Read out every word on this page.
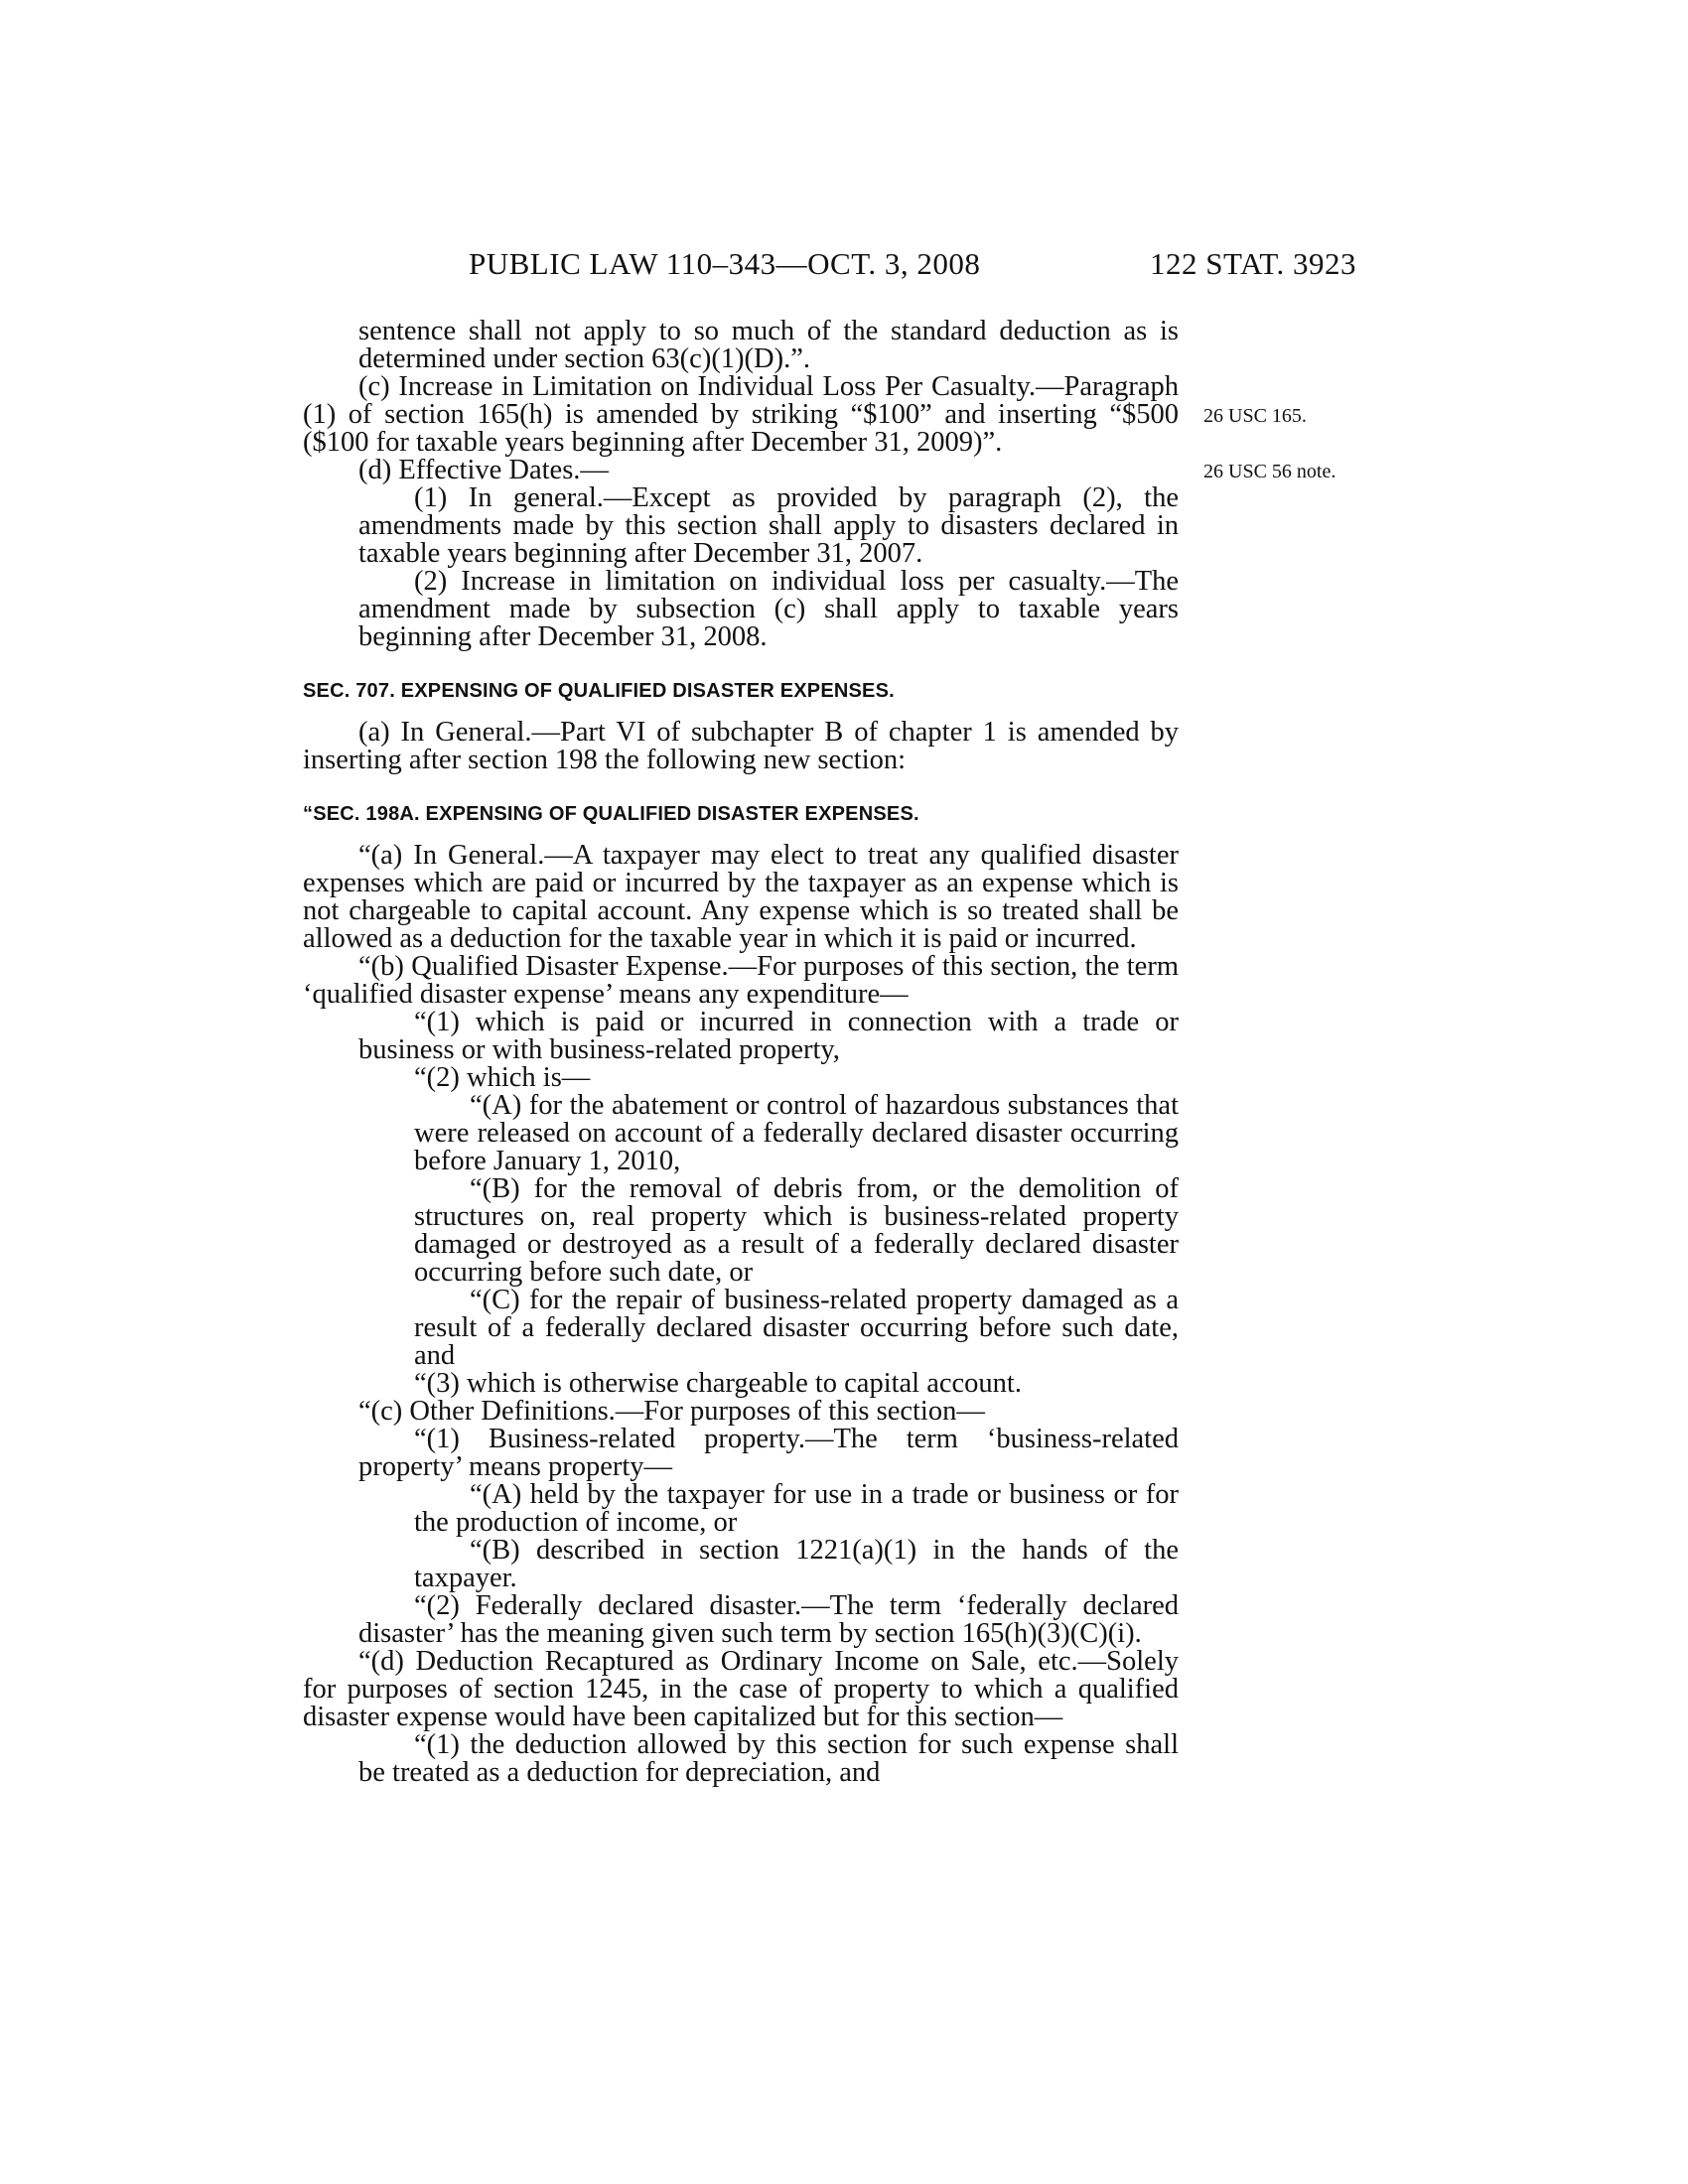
PUBLIC LAW 110–343—OCT. 3, 2008	122 STAT. 3923
26 USC 165.
26 USC 56 note.

sentence shall not apply to so much of the standard deduction as is determined under section 63(c)(1)(D).”.

(c) Increase in Limitation on Individual Loss Per Casualty.—Paragraph (1) of section 165(h) is amended by striking “$100” and inserting “$500 ($100 for taxable years beginning after December 31, 2009)”.

(d) Effective Dates.—

(1) In general.—Except as provided by paragraph (2), the amendments made by this section shall apply to disasters declared in taxable years beginning after December 31, 2007.

(2) Increase in limitation on individual loss per casualty.—The amendment made by subsection (c) shall apply to taxable years beginning after December 31, 2008.

SEC. 707. EXPENSING OF QUALIFIED DISASTER EXPENSES.

(a) In General.—Part VI of subchapter B of chapter 1 is amended by inserting after section 198 the following new section:

“SEC. 198A. EXPENSING OF QUALIFIED DISASTER EXPENSES.

“(a) In General.—A taxpayer may elect to treat any qualified disaster expenses which are paid or incurred by the taxpayer as an expense which is not chargeable to capital account. Any expense which is so treated shall be allowed as a deduction for the taxable year in which it is paid or incurred.

“(b) Qualified Disaster Expense.—For purposes of this section, the term ‘qualified disaster expense’ means any expenditure—

“(1) which is paid or incurred in connection with a trade or business or with business-related property,

“(2) which is—

“(A) for the abatement or control of hazardous substances that were released on account of a federally declared disaster occurring before January 1, 2010,

“(B) for the removal of debris from, or the demolition of structures on, real property which is business-related property damaged or destroyed as a result of a federally declared disaster occurring before such date, or

“(C) for the repair of business-related property damaged as a result of a federally declared disaster occurring before such date, and

“(3) which is otherwise chargeable to capital account.

“(c) Other Definitions.—For purposes of this section—

“(1) Business-related property.—The term ‘business-related property’ means property—

“(A) held by the taxpayer for use in a trade or business or for the production of income, or

“(B) described in section 1221(a)(1) in the hands of the taxpayer.

“(2) Federally declared disaster.—The term ‘federally declared disaster’ has the meaning given such term by section 165(h)(3)(C)(i).

“(d) Deduction Recaptured as Ordinary Income on Sale, etc.—Solely for purposes of section 1245, in the case of property to which a qualified disaster expense would have been capitalized but for this section—

“(1) the deduction allowed by this section for such expense shall be treated as a deduction for depreciation, and
